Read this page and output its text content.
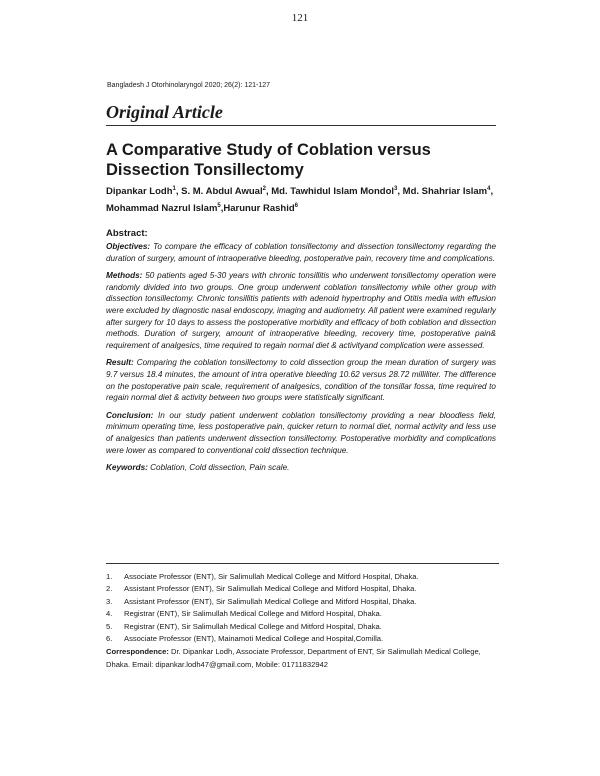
121
Bangladesh J Otorhinolaryngol 2020; 26(2): 121-127
Original Article
A Comparative Study of Coblation versus Dissection Tonsillectomy
Dipankar Lodh$^1$, S. M. Abdul Awual$^2$, Md. Tawhidul Islam Mondol$^3$, Md. Shahriar Islam$^4$, Mohammad Nazrul Islam$^5$,Harunur Rashid$^6$
Abstract:

Objectives: To compare the efficacy of coblation tonsillectomy and dissection tonsillectomy regarding the duration of surgery, amount of intraoperative bleeding, postoperative pain, recovery time and complications.

Methods: 50 patients aged 5-30 years with chronic tonsillitis who underwent tonsillectomy operation were randomly divided into two groups. One group underwent coblation tonsillectomy while other group with dissection tonsillectomy. Chronic tonsillitis patients with adenoid hypertrophy and Otitis media with effusion were excluded by diagnostic nasal endoscopy, imaging and audiometry. All patient were examined regularly after surgery for 10 days to assess the postoperative morbidity and efficacy of both coblation and dissection methods. Duration of surgery, amount of intraoperative bleeding, recovery time, postoperative pain& requirement of analgesics, time required to regain normal diet & activityand complication were assessed.

Result: Comparing the coblation tonsillectomy to cold dissection group the mean duration of surgery was 9.7 versus 18.4 minutes, the amount of intra operative bleeding 10.62 versus 28.72 milliliter. The difference on the postoperative pain scale, requirement of analgesics, condition of the tonsillar fossa, time required to regain normal diet & activity between two groups were statistically significant.

Conclusion: In our study patient underwent coblation tonsillectomy providing a near bloodless field, minimum operating time, less postoperative pain, quicker return to normal diet, normal activity and less use of analgesics than patients underwent dissection tonsillectomy. Postoperative morbidity and complications were lower as compared to conventional cold dissection technique.

Keywords: Coblation, Cold dissection, Pain scale.

1.	Associate Professor (ENT), Sir Salimullah Medical College and Mitford Hospital, Dhaka.
2.	Assistant Professor (ENT), Sir Salimullah Medical College and Mitford Hospital, Dhaka.
3.	Assistant Professor (ENT), Sir Salimullah Medical College and Mitford Hospital, Dhaka.
4.	Registrar (ENT), Sir Salimullah Medical College and Mitford Hospital, Dhaka.
5.	Registrar (ENT), Sir Salimullah Medical College and Mitford Hospital, Dhaka.
6.	Associate Professor (ENT), Mainamoti Medical College and Hospital,Comilla.
Correspondence: Dr. Dipankar Lodh, Associate Professor, Department of ENT, Sir Salimullah Medical College, Dhaka. Email: dipankar.lodh47@gmail.com, Mobile: 01711832942
